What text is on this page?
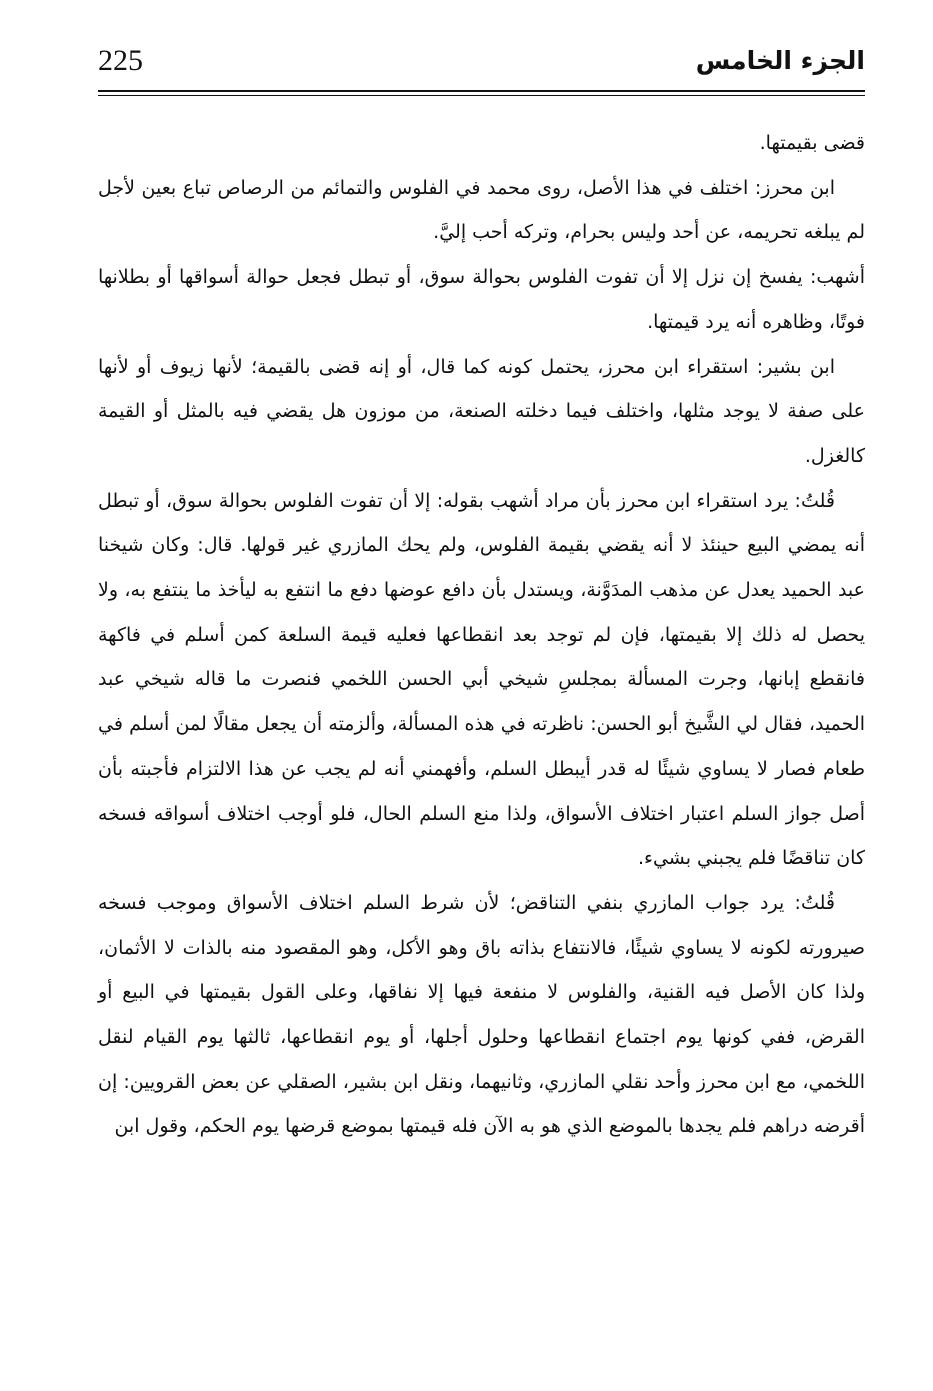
225	الجزء الخامس

قضى بقيمتها.

ابن محرز: اختلف في هذا الأصل، روى محمد في الفلوس والتمائم من الرصاص تباع بعين لأجل لم يبلغه تحريمه، عن أحد وليس بحرام، وتركه أحب إليَّ.

أشهب: يفسخ إن نزل إلا أن تفوت الفلوس بحوالة سوق، أو تبطل فجعل حوالة أسواقها أو بطلانها فوتًا، وظاهره أنه يرد قيمتها.

ابن بشير: استقراء ابن محرز، يحتمل كونه كما قال، أو إنه قضى بالقيمة؛ لأنها زيوف أو لأنها على صفة لا يوجد مثلها، واختلف فيما دخلته الصنعة، من موزون هل يقضي فيه بالمثل أو القيمة كالغزل.

قُلتُ: يرد استقراء ابن محرز بأن مراد أشهب بقوله: إلا أن تفوت الفلوس بحوالة سوق، أو تبطل أنه يمضي البيع حينئذ لا أنه يقضي بقيمة الفلوس، ولم يحك المازري غير قولها. قال: وكان شيخنا عبد الحميد يعدل عن مذهب المدَوَّنة، ويستدل بأن دافع عوضها دفع ما انتفع به ليأخذ ما ينتفع به، ولا يحصل له ذلك إلا بقيمتها، فإن لم توجد بعد انقطاعها فعليه قيمة السلعة كمن أسلم في فاكهة فانقطع إبانها، وجرت المسألة بمجلسِ شيخي أبي الحسن اللخمي فنصرت ما قاله شيخي عبد الحميد، فقال لي الشَّيخ أبو الحسن: ناظرته في هذه المسألة، وألزمته أن يجعل مقالًا لمن أسلم في طعام فصار لا يساوي شيئًا له قدر أيبطل السلم، وأفهمني أنه لم يجب عن هذا الالتزام فأجبته بأن أصل جواز السلم اعتبار اختلاف الأسواق، ولذا منع السلم الحال، فلو أوجب اختلاف أسواقه فسخه كان تناقضًا فلم يجبني بشيء.

قُلتُ: يرد جواب المازري بنفي التناقض؛ لأن شرط السلم اختلاف الأسواق وموجب فسخه صيرورته لكونه لا يساوي شيئًا، فالانتفاع بذاته باق وهو الأكل، وهو المقصود منه بالذات لا الأثمان، ولذا كان الأصل فيه القنية، والفلوس لا منفعة فيها إلا نفاقها، وعلى القول بقيمتها في البيع أو القرض، ففي كونها يوم اجتماع انقطاعها وحلول أجلها، أو يوم انقطاعها، ثالثها يوم القيام لنقل اللخمي، مع ابن محرز وأحد نقلي المازري، وثانيهما، ونقل ابن بشير، الصقلي عن بعض القرويين: إن أقرضه دراهم فلم يجدها بالموضع الذي هو به الآن فله قيمتها بموضع قرضها يوم الحكم، وقول ابن
